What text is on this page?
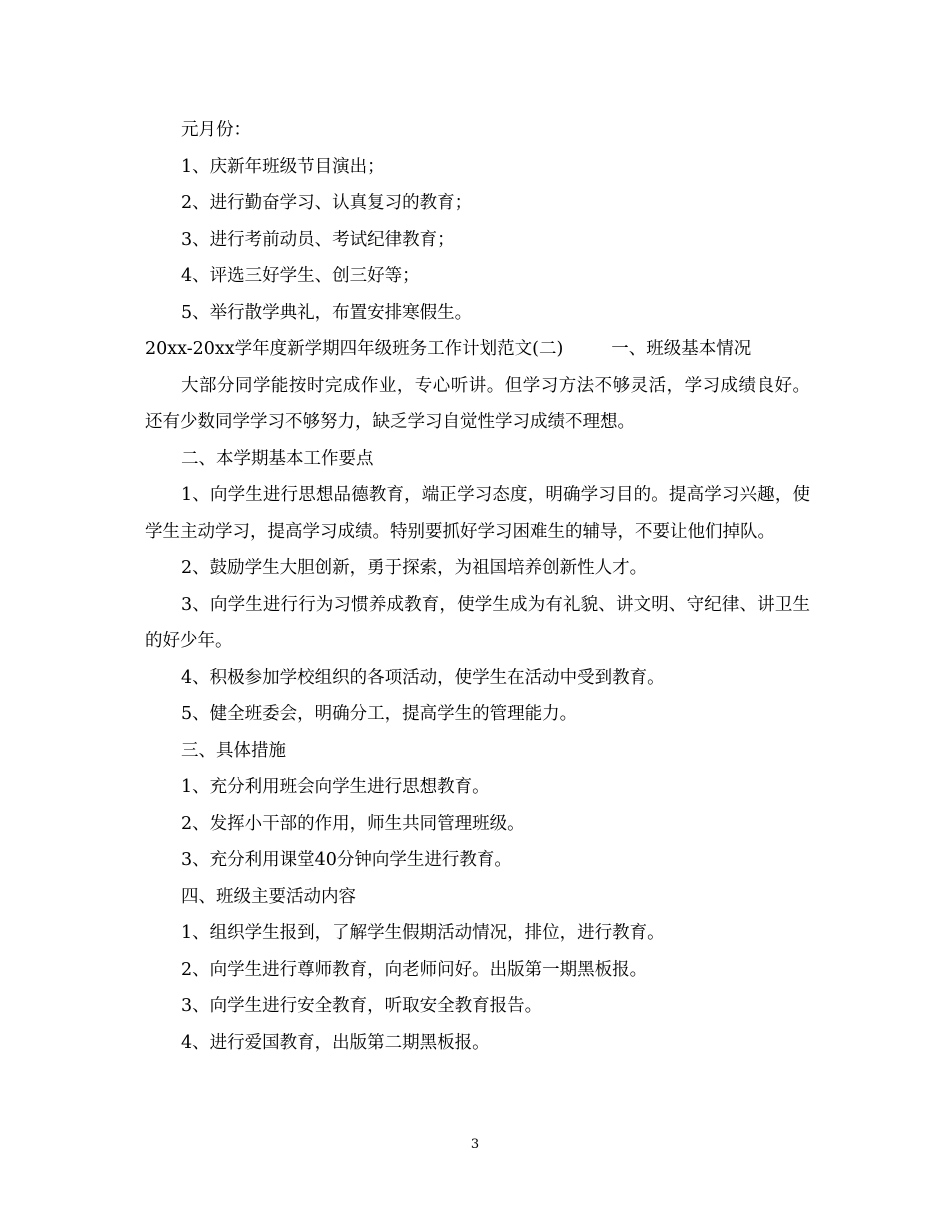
元月份：
1、庆新年班级节目演出；
2、进行勤奋学习、认真复习的教育；
3、进行考前动员、考试纪律教育；
4、评选三好学生、创三好等；
5、举行散学典礼，布置安排寒假生。
20xx-20xx学年度新学期四年级班务工作计划范文(二)	一、班级基本情况
大部分同学能按时完成作业，专心听讲。但学习方法不够灵活，学习成绩良好。还有少数同学学习不够努力，缺乏学习自觉性学习成绩不理想。
二、本学期基本工作要点
1、向学生进行思想品德教育，端正学习态度，明确学习目的。提高学习兴趣，使学生主动学习，提高学习成绩。特别要抓好学习困难生的辅导，不要让他们掉队。
2、鼓励学生大胆创新，勇于探索，为祖国培养创新性人才。
3、向学生进行行为习惯养成教育，使学生成为有礼貌、讲文明、守纪律、讲卫生的好少年。
4、积极参加学校组织的各项活动，使学生在活动中受到教育。
5、健全班委会，明确分工，提高学生的管理能力。
三、具体措施
1、充分利用班会向学生进行思想教育。
2、发挥小干部的作用，师生共同管理班级。
3、充分利用课堂40分钟向学生进行教育。
四、班级主要活动内容
1、组织学生报到，了解学生假期活动情况，排位，进行教育。
2、向学生进行尊师教育，向老师问好。出版第一期黑板报。
3、向学生进行安全教育，听取安全教育报告。
4、进行爱国教育，出版第二期黑板报。
3
